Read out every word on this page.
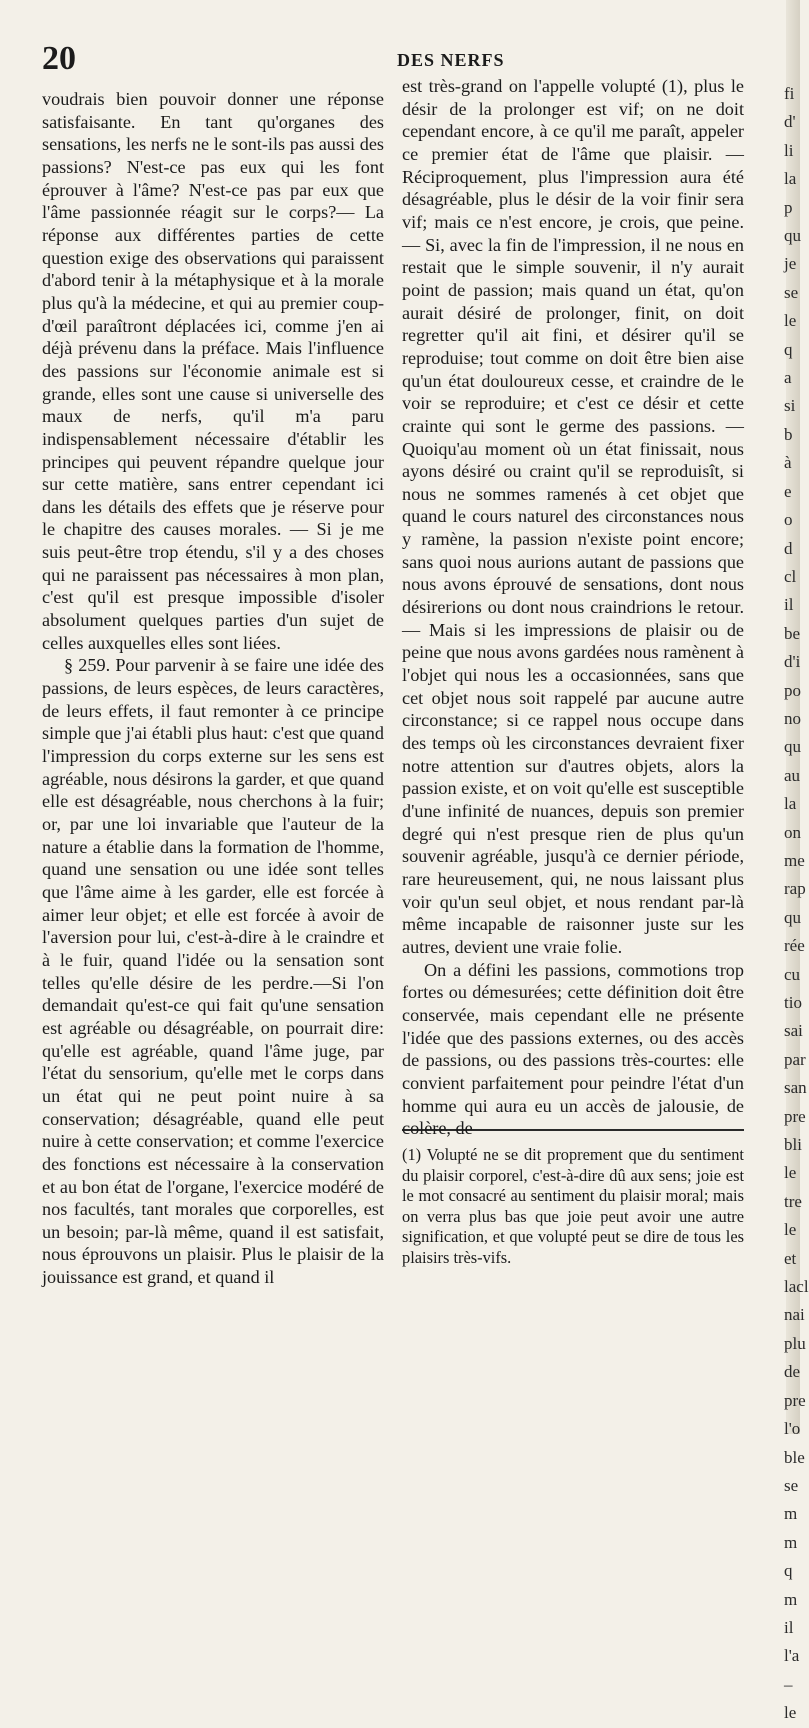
20	DES NERFS

voudrais bien pouvoir donner une réponse satisfaisante. En tant qu'organes des sensations, les nerfs ne le sont-ils pas aussi des passions? N'est-ce pas eux qui les font éprouver à l'âme? N'est-ce pas par eux que l'âme passionnée réagit sur le corps?— La réponse aux différentes parties de cette question exige des observations qui paraissent d'abord tenir à la métaphysique et à la morale plus qu'à la médecine, et qui au premier coup-d'œil paraîtront déplacées ici, comme j'en ai déjà prévenu dans la préface. Mais l'influence des passions sur l'économie animale est si grande, elles sont une cause si universelle des maux de nerfs, qu'il m'a paru indispensablement nécessaire d'établir les principes qui peuvent répandre quelque jour sur cette matière, sans entrer cependant ici dans les détails des effets que je réserve pour le chapitre des causes morales. — Si je me suis peut-être trop étendu, s'il y a des choses qui ne paraissent pas nécessaires à mon plan, c'est qu'il est presque impossible d'isoler absolument quelques parties d'un sujet de celles auxquelles elles sont liées.

§ 259. Pour parvenir à se faire une idée des passions, de leurs espèces, de leurs caractères, de leurs effets, il faut remonter à ce principe simple que j'ai établi plus haut: c'est que quand l'impression du corps externe sur les sens est agréable, nous désirons la garder, et que quand elle est désagréable, nous cherchons à la fuir; or, par une loi invariable que l'auteur de la nature a établie dans la formation de l'homme, quand une sensation ou une idée sont telles que l'âme aime à les garder, elle est forcée à aimer leur objet; et elle est forcée à avoir de l'aversion pour lui, c'est-à-dire à le craindre et à le fuir, quand l'idée ou la sensation sont telles qu'elle désire de les perdre.—Si l'on demandait qu'est-ce qui fait qu'une sensation est agréable ou désagréable, on pourrait dire: qu'elle est agréable, quand l'âme juge, par l'état du sensorium, qu'elle met le corps dans un état qui ne peut point nuire à sa conservation; désagréable, quand elle peut nuire à cette conservation; et comme l'exercice des fonctions est nécessaire à la conservation et au bon état de l'organe, l'exercice modéré de nos facultés, tant morales que corporelles, est un besoin; par-là même, quand il est satisfait, nous éprouvons un plaisir. Plus le plaisir de la jouissance est grand, et quand il

est très-grand on l'appelle volupté (1), plus le désir de la prolonger est vif; on ne doit cependant encore, à ce qu'il me paraît, appeler ce premier état de l'âme que plaisir. — Réciproquement, plus l'impression aura été désagréable, plus le désir de la voir finir sera vif; mais ce n'est encore, je crois, que peine. — Si, avec la fin de l'impression, il ne nous en restait que le simple souvenir, il n'y aurait point de passion; mais quand un état, qu'on aurait désiré de prolonger, finit, on doit regretter qu'il ait fini, et désirer qu'il se reproduise; tout comme on doit être bien aise qu'un état douloureux cesse, et craindre de le voir se reproduire; et c'est ce désir et cette crainte qui sont le germe des passions. — Quoiqu'au moment où un état finissait, nous ayons désiré ou craint qu'il se reproduisît, si nous ne sommes ramenés à cet objet que quand le cours naturel des circonstances nous y ramène, la passion n'existe point encore; sans quoi nous aurions autant de passions que nous avons éprouvé de sensations, dont nous désirerions ou dont nous craindrions le retour. — Mais si les impressions de plaisir ou de peine que nous avons gardées nous ramènent à l'objet qui nous les a occasionnées, sans que cet objet nous soit rappelé par aucune autre circonstance; si ce rappel nous occupe dans des temps où les circonstances devraient fixer notre attention sur d'autres objets, alors la passion existe, et on voit qu'elle est susceptible d'une infinité de nuances, depuis son premier degré qui n'est presque rien de plus qu'un souvenir agréable, jusqu'à ce dernier période, rare heureusement, qui, ne nous laissant plus voir qu'un seul objet, et nous rendant par-là même incapable de raisonner juste sur les autres, devient une vraie folie.

On a défini les passions, commotions trop fortes ou démesurées; cette définition doit être conservée, mais cependant elle ne présente l'idée que des passions externes, ou des accès de passions, ou des passions très-courtes: elle convient parfaitement pour peindre l'état d'un homme qui aura eu un accès de jalousie, de colère, de

(1) Volupté ne se dit proprement que du sentiment du plaisir corporel, c'est-à-dire dû aux sens; joie est le mot consacré au sentiment du plaisir moral; mais on verra plus bas que joie peut avoir une autre signification, et que volupté peut se dire de tous les plaisirs très-vifs.

fi
d'
li
la
p
qu
je
se
le
q
a
si
b
à
e
o
d
cl
il
be
d'i
po
no
qu
au
la
on
me
rap
qu
rée
cu
tio
sai
par
san
pre
bli
le
tre
le
et
lacl
nai
plu
de
pre
l'o
ble
se
m
m
q
m
il
l'a
–
le
